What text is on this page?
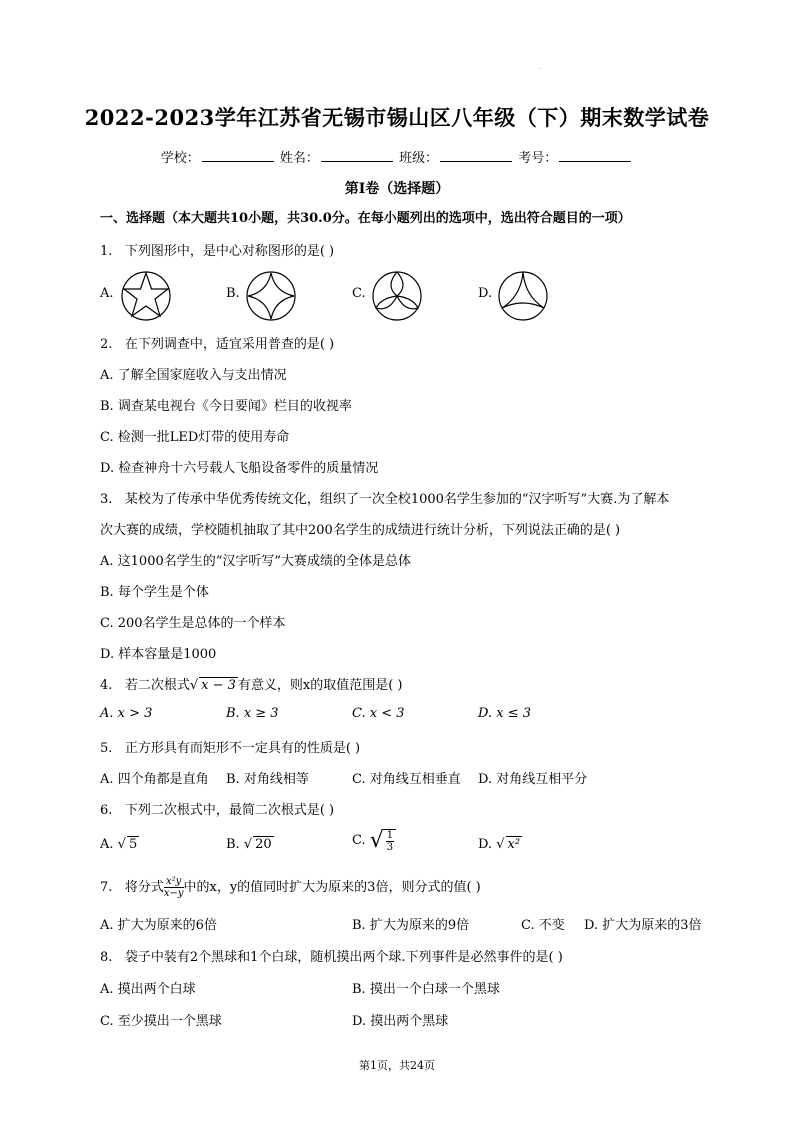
.
2022-2023学年江苏省无锡市锡山区八年级（下）期末数学试卷
学校：	姓名：	班级：	考号：
第I卷（选择题）
一、选择题（本大题共10小题，共30.0分。在每小题列出的选项中，选出符合题目的一项）
1. 下列图形中，是中心对称图形的是( )
A.	B.	C.	D.
2. 在下列调查中，适宜采用普查的是( )
A. 了解全国家庭收入与支出情况
B. 调查某电视台《今日要闻》栏目的收视率
C. 检测一批LED灯带的使用寿命
D. 检查神舟十六号载人飞船设备零件的质量情况
3. 某校为了传承中华优秀传统文化，组织了一次全校1000名学生参加的“汉字听写”大赛.为了解本
次大赛的成绩，学校随机抽取了其中200名学生的成绩进行统计分析，下列说法正确的是( )
A. 这1000名学生的“汉字听写”大赛成绩的全体是总体
B. 每个学生是个体
C. 200名学生是总体的一个样本
D. 样本容量是1000
4. 若二次根式√ x − 3 有意义，则x的取值范围是( )
A. x > 3	B. x ≥ 3	C. x < 3	D. x ≤ 3
5. 正方形具有而矩形不一定具有的性质是( )
A. 四个角都是直角 B. 对角线相等	C. 对角线互相垂直 D. 对角线互相平分
6. 下列二次根式中，最简二次根式是( )
A. √ 5	B. √ 20	C. √ $\frac{1}{3}$	D. √ x²
7. 将分式 $\frac{\text{x²y}}{x-y}$ 中的x，y的值同时扩大为原来的3倍，则分式的值( )
A. 扩大为原来的6倍	B. 扩大为原来的9倍	C. 不变 D. 扩大为原来的3倍
8. 袋子中装有2个黑球和1个白球，随机摸出两个球.下列事件是必然事件的是( )
A. 摸出两个白球	B. 摸出一个白球一个黑球
C. 至少摸出一个黑球	D. 摸出两个黑球
第1页，共24页
